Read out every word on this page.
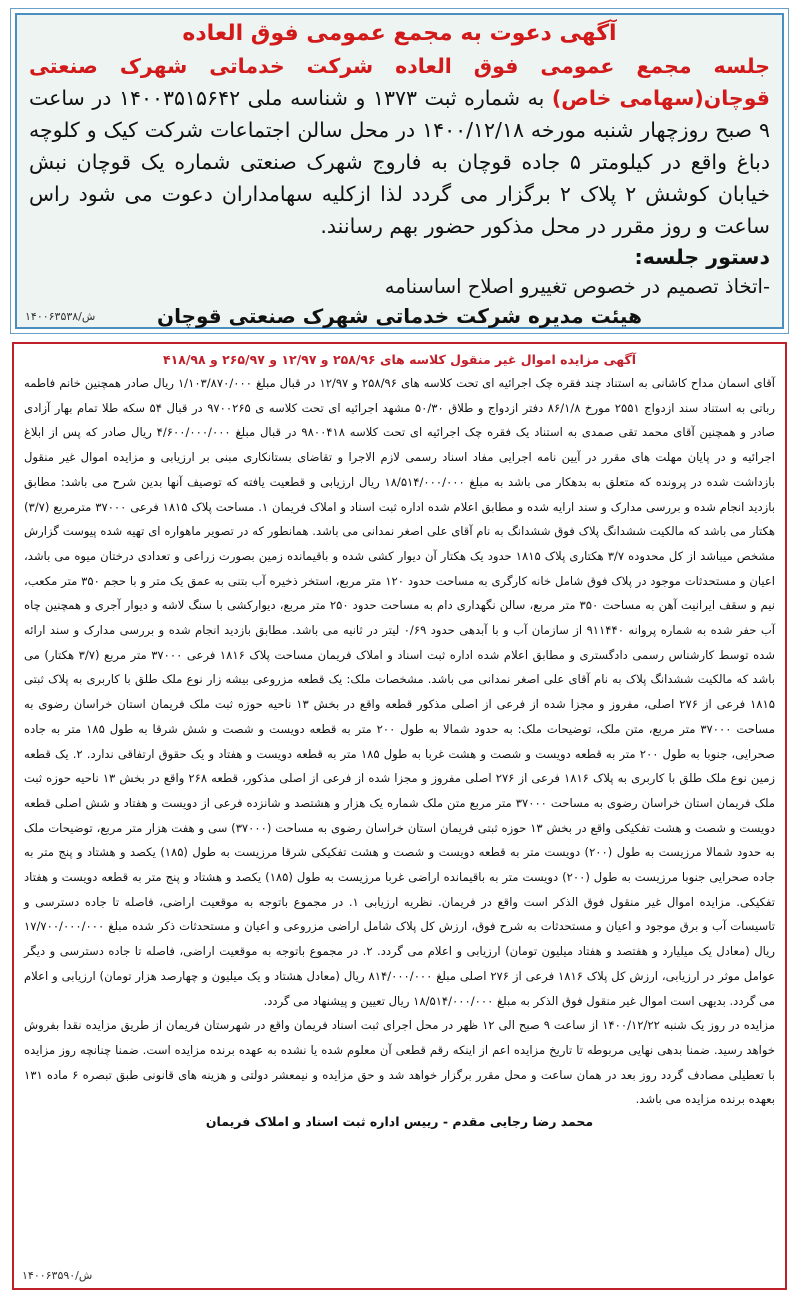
آگهی دعوت به مجمع عمومی فوق العاده

جلسه مجمع عمومی فوق العاده شرکت خدماتی شهرک صنعتی قوچان(سهامی خاص) به شماره ثبت ۱۳۷۳ و شناسه ملی ۱۴۰۰۳۵۱۵۶۴۲ در ساعت ۹ صبح روزچهار شنبه مورخه ۱۴۰۰/۱۲/۱۸ در محل سالن اجتماعات شرکت کیک و کلوچه دباغ واقع در کیلومتر ۵ جاده قوچان به فاروج شهرک صنعتی شماره یک قوچان نبش خیابان کوشش ۲ پلاک ۲ برگزار می گردد لذا ازکلیه سهامداران دعوت می شود راس ساعت و روز مقرر در محل مذکور حضور بهم رسانند.

دستور جلسه:

-اتخاذ تصمیم در خصوص تغییرو اصلاح اساسنامه

هیئت مدیره شرکت خدماتی شهرک صنعتی قوچان
۱۴۰۰۶۳۵۳۸/ش
آگهی مزایده اموال غیر منقول کلاسه های ۲۵۸/۹۶ و ۱۲/۹۷ و ۲۶۵/۹۷ و ۴۱۸/۹۸

آقای اسمان مداح کاشانی به استناد چند فقره چک اجرائیه ای تحت کلاسه های ۲۵۸/۹۶ و ۱۲/۹۷ در قبال مبلغ ۱/۱۰۳/۸۷۰/۰۰۰ ریال صادر همچنین خانم فاطمه رباتی به استناد سند ازدواج ۲۵۵۱ مورخ ۸۶/۱/۸ دفتر ازدواج و طلاق ۵۰/۳۰ مشهد اجرائیه ای تحت کلاسه ی ۹۷۰۰۲۶۵ در قبال ۵۴ سکه طلا تمام بهار آزادی صادر و همچنین آقای محمد تقی صمدی به استناد یک فقره چک اجرائیه ای تحت کلاسه ۹۸۰۰۴۱۸ در قبال مبلغ ۴/۶۰۰/۰۰۰/۰۰۰ ریال صادر که پس از ابلاغ اجرائیه و در پایان مهلت های مقرر در آیین نامه اجرایی مفاد اسناد رسمی لازم الاجرا و تقاضای بستانکاری مبنی بر ارزیابی و مزایده اموال غیر منقول بازداشت شده در پرونده که متعلق به بدهکار می باشد به مبلغ ۱۸/۵۱۴/۰۰۰/۰۰۰ ریال ارزیابی و قطعیت یافته که توصیف آنها بدین شرح می باشد: مطابق بازدید انجام شده و بررسی مدارک و سند ارایه شده و مطابق اعلام شده اداره ثبت اسناد و املاک فریمان ۱. مساحت پلاک ۱۸۱۵ فرعی ۳۷۰۰۰ مترمربع (۳/۷) هکتار می باشد که مالکیت ششدانگ پلاک فوق ششدانگ به نام آقای علی اصغر نمدانی می باشد. همانطور که در تصویر ماهواره ای تهیه شده پیوست گزارش مشخص میباشد از کل محدوده ۳/۷ هکتاری پلاک ۱۸۱۵ حدود یک هکتار آن دیوار کشی شده و باقیمانده زمین بصورت زراعی و تعدادی درختان میوه می باشد، اعیان و مستحدثات موجود در پلاک فوق شامل خانه کارگری به مساحت حدود ۱۲۰ متر مربع، استخر ذخیره آب بتنی به عمق یک متر و با حجم ۳۵۰ متر مکعب، نیم و سقف ایرانیت آهن به مساحت ۳۵۰ متر مربع، سالن نگهداری دام به مساحت حدود ۲۵۰ متر مربع، دیوارکشی با سنگ لاشه و دیوار آجری و همچنین چاه آب حفر شده به شماره پروانه ۹۱۱۴۴۰ از سازمان آب و با آبدهی حدود ۰/۶۹ لیتر در ثانیه می باشد. مطابق بازدید انجام شده و بررسی مدارک و سند ارائه شده توسط کارشناس رسمی دادگستری و مطابق اعلام شده اداره ثبت اسناد و املاک فریمان مساحت پلاک ۱۸۱۶ فرعی ۳۷۰۰۰ متر مربع (۳/۷ هکتار) می باشد که مالکیت ششدانگ پلاک به نام آقای علی اصغر نمدانی می باشد. مشخصات ملک: یک قطعه مزروعی بیشه زار نوع ملک طلق با کاربری به پلاک ثبتی ۱۸۱۵ فرعی از ۲۷۶ اصلی، مفروز و مجزا شده از فرعی از اصلی مذکور قطعه واقع در بخش ۱۳ ناحیه حوزه ثبت ملک فریمان استان خراسان رضوی به مساحت ۳۷۰۰۰ متر مربع، متن ملک، توضیحات ملک: به حدود شمالا به طول ۲۰۰ متر به قطعه دویست و شصت و شش شرقا به طول ۱۸۵ متر به جاده صحرایی، جنوبا به طول ۲۰۰ متر به قطعه دویست و شصت و هشت غربا به طول ۱۸۵ متر به قطعه دویست و هفتاد و یک حقوق ارتفاقی ندارد. ۲. یک قطعه زمین نوع ملک طلق با کاربری به پلاک ۱۸۱۶ فرعی از ۲۷۶ اصلی مفروز و مجزا شده از فرعی از اصلی مذکور، قطعه ۲۶۸ واقع در بخش ۱۳ ناحیه حوزه ثبت ملک فریمان استان خراسان رضوی به مساحت ۳۷۰۰۰ متر مربع متن ملک شماره یک هزار و هشتصد و شانزده فرعی از دویست و هفتاد و شش اصلی قطعه دویست و شصت و هشت تفکیکی واقع در بخش ۱۳ حوزه ثبتی فریمان استان خراسان رضوی به مساحت (۳۷۰۰۰) سی و هفت هزار متر مربع، توضیحات ملک به حدود شمالا مرزیست به طول (۲۰۰) دویست متر به قطعه دویست و شصت و هشت تفکیکی شرقا مرزیست به طول (۱۸۵) یکصد و هشتاد و پنج متر به جاده صحرایی جنوبا مرزیست به طول (۲۰۰) دویست متر به باقیمانده اراضی غربا مرزیست به طول (۱۸۵) یکصد و هشتاد و پنج متر به قطعه دویست و هفتاد تفکیکی. مزایده اموال غیر منقول فوق الذکر است واقع در فریمان. نظریه ارزیابی ۱. در مجموع باتوجه به موقعیت اراضی، فاصله تا جاده دسترسی و تاسیسات آب و برق موجود و اعیان و مستحدثات به شرح فوق، ارزش کل پلاک شامل اراضی مزروعی و اعیان و مستحدثات ذکر شده مبلغ ۱۷/۷۰۰/۰۰۰/۰۰۰ ریال (معادل یک میلیارد و هفتصد و هفتاد میلیون تومان) ارزیابی و اعلام می گردد. ۲. در مجموع باتوجه به موقعیت اراضی، فاصله تا جاده دسترسی و دیگر عوامل موثر در ارزیابی، ارزش کل پلاک ۱۸۱۶ فرعی از ۲۷۶ اصلی مبلغ ۸۱۴/۰۰۰/۰۰۰ ریال (معادل هشتاد و یک میلیون و چهارصد هزار تومان) ارزیابی و اعلام می گردد. بدیهی است اموال غیر منقول فوق الذکر به مبلغ ۱۸/۵۱۴/۰۰۰/۰۰۰ ریال تعیین و پیشنهاد می گردد.

مزایده در روز یک شنبه ۱۴۰۰/۱۲/۲۲ از ساعت ۹ صبح الی ۱۲ ظهر در محل اجرای ثبت اسناد فریمان واقع در شهرستان فریمان از طریق مزایده نقدا بفروش خواهد رسید. ضمنا بدهی نهایی مربوطه تا تاریخ مزایده اعم از اینکه رقم قطعی آن معلوم شده یا نشده به عهده برنده مزایده است. ضمنا چنانچه روز مزایده با تعطیلی مصادف گردد روز بعد در همان ساعت و محل مقرر برگزار خواهد شد و حق مزایده و نیمعشر دولتی و هزینه های قانونی طبق تبصره ۶ ماده ۱۳۱ بعهده برنده مزایده می باشد.

محمد رضا رجایی مقدم - رییس اداره ثبت اسناد و املاک فریمان
۱۴۰۰۶۳۵۹۰/ش
